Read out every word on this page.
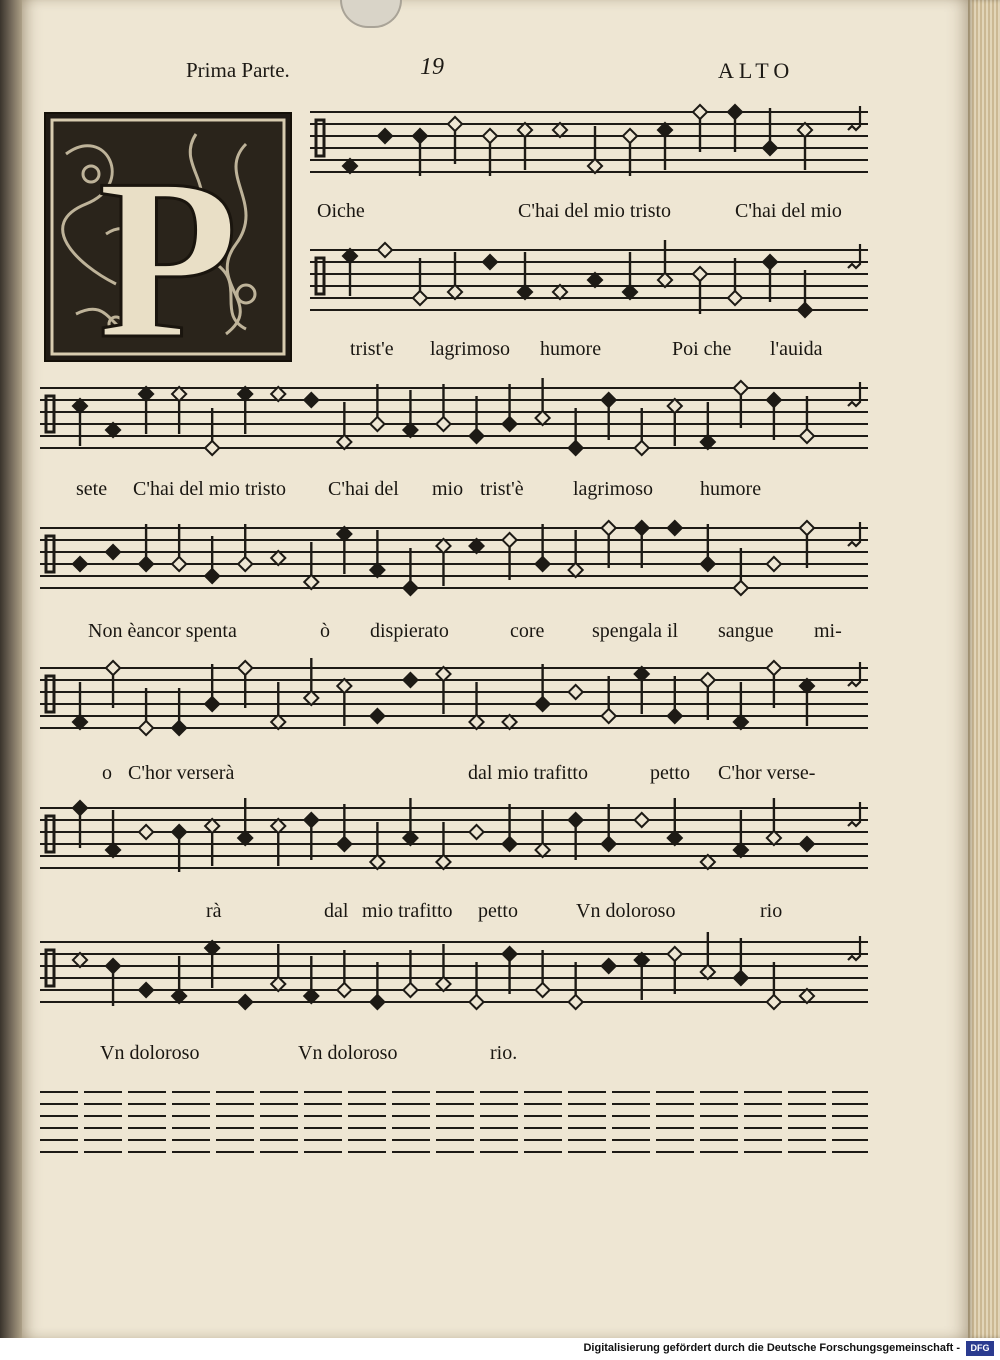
Prima Parte.	19	ALTO
P	Oiche	C'hai del mio tristo	C'hai del mio
trist'e lagrimoso humore	Poi che l'auida
sete C'hai del mio tristo C'hai del mio trist'è lagrimoso humore
Non èancor spenta	ò dispierato	core spengala il sangue mi-
o C'hor verserà	dal mio trafitto	petto C'hor verse-
rà	dal mio trafitto petto	Vn doloroso	rio
Vn doloroso	Vn doloroso	rio.
Digitalisierung gefördert durch die Deutsche Forschungsgemeinschaft -	DFG
